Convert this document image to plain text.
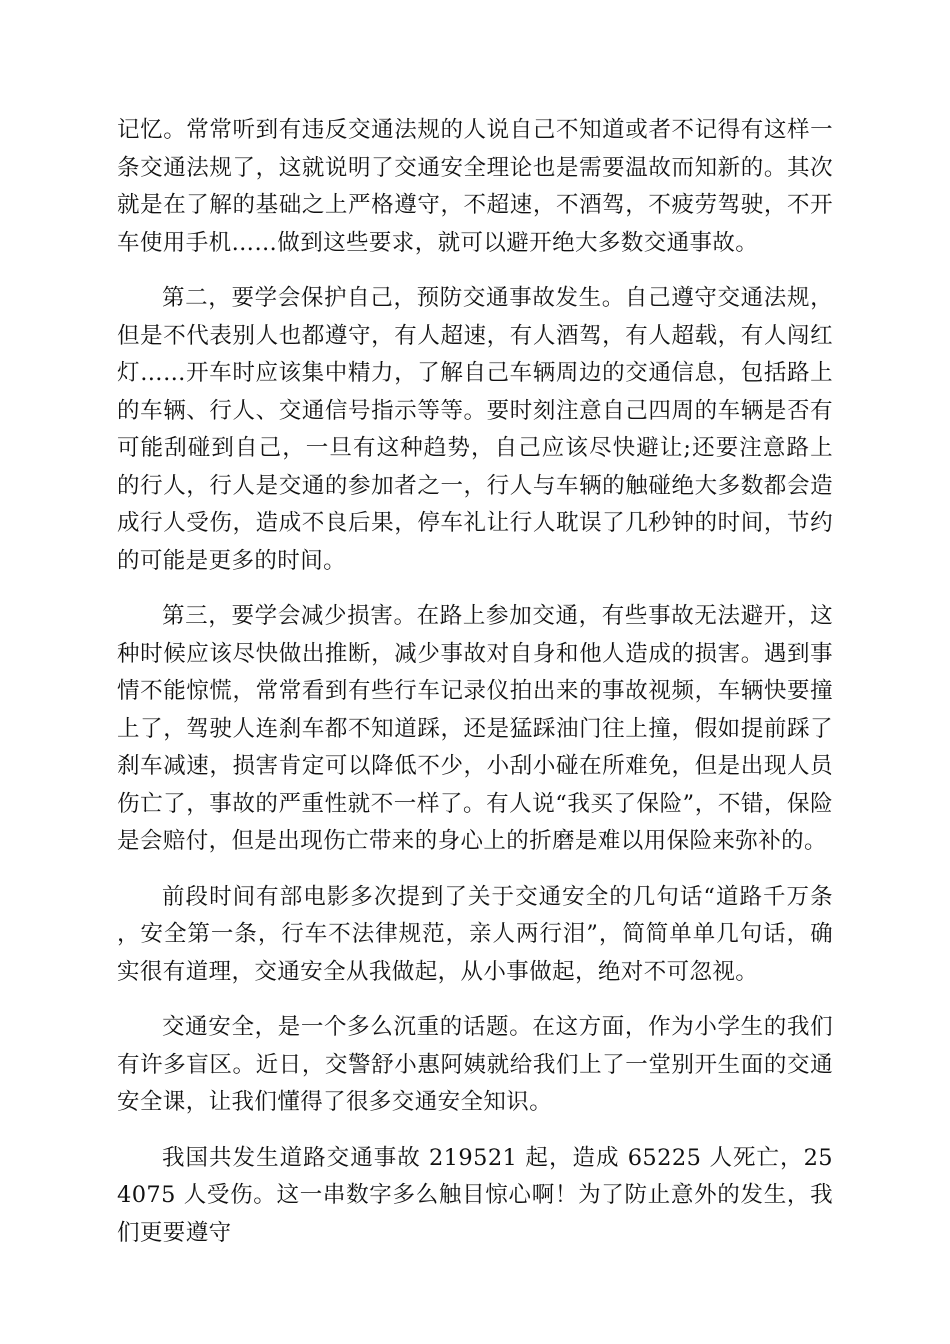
记忆。常常听到有违反交通法规的人说自己不知道或者不记得有这样一条交通法规了，这就说明了交通安全理论也是需要温故而知新的。其次就是在了解的基础之上严格遵守，不超速，不酒驾，不疲劳驾驶，不开车使用手机……做到这些要求，就可以避开绝大多数交通事故。

第二，要学会保护自己，预防交通事故发生。自己遵守交通法规，但是不代表别人也都遵守，有人超速，有人酒驾，有人超载，有人闯红灯……开车时应该集中精力，了解自己车辆周边的交通信息，包括路上的车辆、行人、交通信号指示等等。要时刻注意自己四周的车辆是否有可能刮碰到自己，一旦有这种趋势，自己应该尽快避让;还要注意路上的行人，行人是交通的参加者之一，行人与车辆的触碰绝大多数都会造成行人受伤，造成不良后果，停车礼让行人耽误了几秒钟的时间，节约的可能是更多的时间。

第三，要学会减少损害。在路上参加交通，有些事故无法避开，这种时候应该尽快做出推断，减少事故对自身和他人造成的损害。遇到事情不能惊慌，常常看到有些行车记录仪拍出来的事故视频，车辆快要撞上了，驾驶人连刹车都不知道踩，还是猛踩油门往上撞，假如提前踩了刹车减速，损害肯定可以降低不少，小刮小碰在所难免，但是出现人员伤亡了，事故的严重性就不一样了。有人说“我买了保险”，不错，保险是会赔付，但是出现伤亡带来的身心上的折磨是难以用保险来弥补的。

前段时间有部电影多次提到了关于交通安全的几句话“道路千万条，安全第一条，行车不法律规范，亲人两行泪”，简简单单几句话，确实很有道理，交通安全从我做起，从小事做起，绝对不可忽视。

交通安全，是一个多么沉重的话题。在这方面，作为小学生的我们有许多盲区。近日，交警舒小惠阿姨就给我们上了一堂别开生面的交通安全课，让我们懂得了很多交通安全知识。

我国共发生道路交通事故 219521 起，造成 65225 人死亡，254075 人受伤。这一串数字多么触目惊心啊！为了防止意外的发生，我们更要遵守
